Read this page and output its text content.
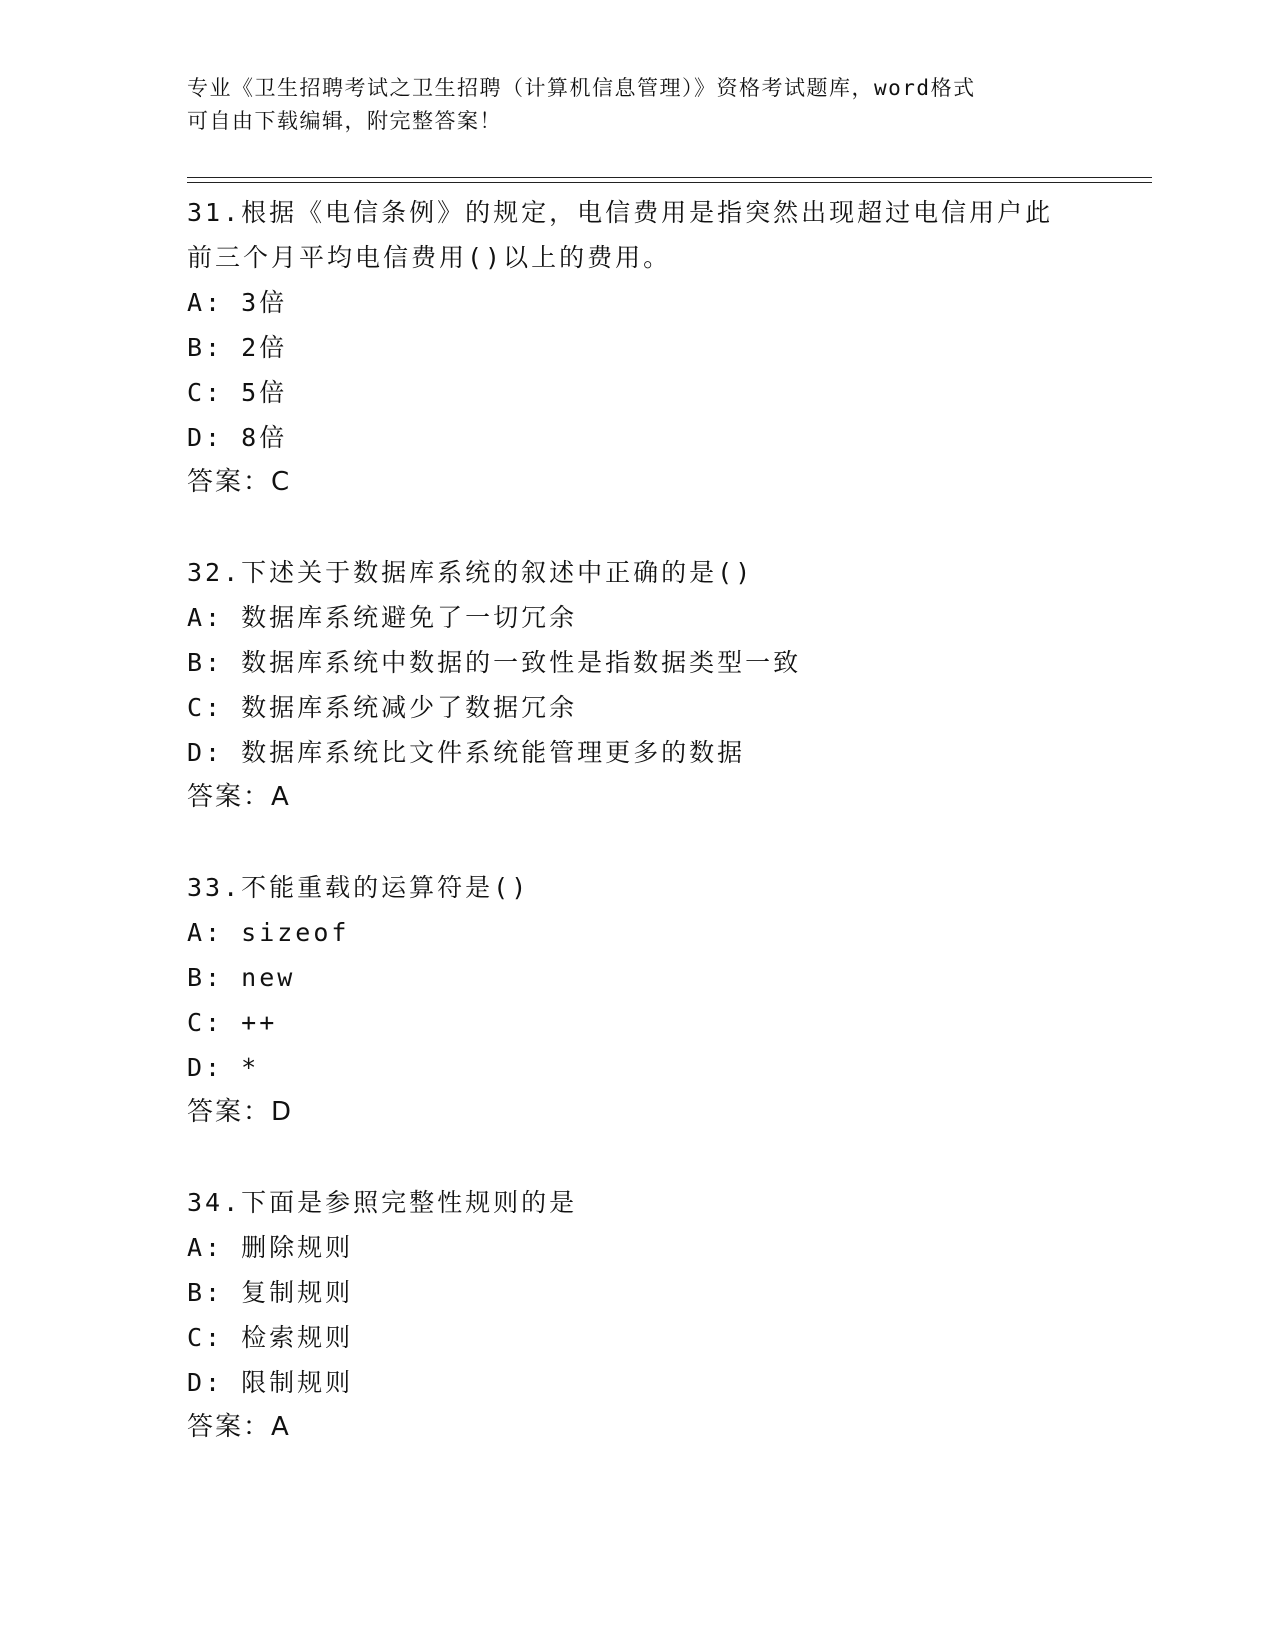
专业《卫生招聘考试之卫生招聘（计算机信息管理）》资格考试题库，word格式
可自由下载编辑，附完整答案！
31.根据《电信条例》的规定，电信费用是指突然出现超过电信用户此
前三个月平均电信费用()以上的费用。
A: 3倍
B: 2倍
C: 5倍
D: 8倍
答案：C
32.下述关于数据库系统的叙述中正确的是()
A: 数据库系统避免了一切冗余
B: 数据库系统中数据的一致性是指数据类型一致
C: 数据库系统减少了数据冗余
D: 数据库系统比文件系统能管理更多的数据
答案：A
33.不能重载的运算符是()
A: sizeof
B: new
C: ++
D: *
答案：D
34.下面是参照完整性规则的是
A: 删除规则
B: 复制规则
C: 检索规则
D: 限制规则
答案：A
